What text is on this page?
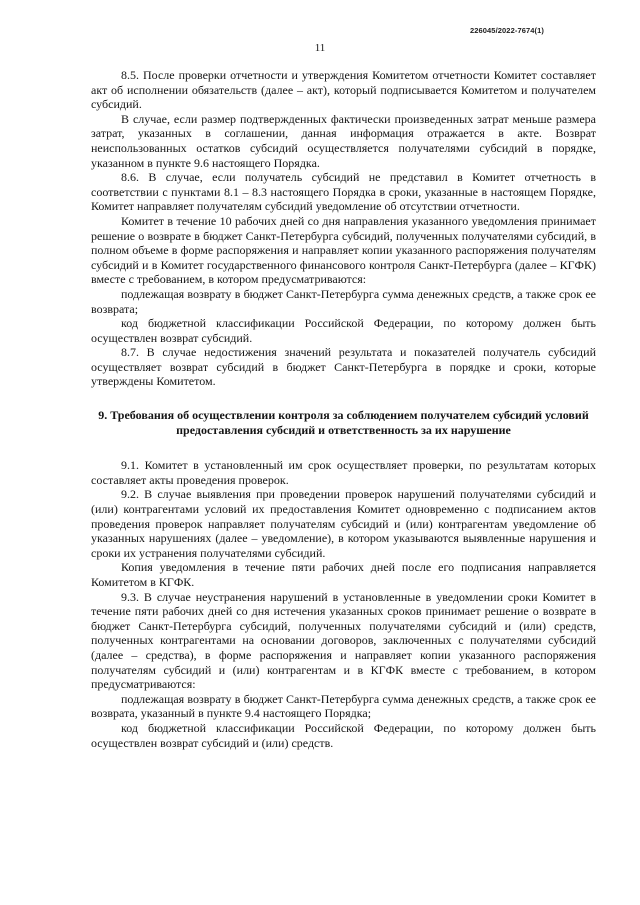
226045/2022-7674(1)
11

8.5. После проверки отчетности и утверждения Комитетом отчетности Комитет составляет акт об исполнении обязательств (далее – акт), который подписывается Комитетом и получателем субсидий.

В случае, если размер подтвержденных фактически произведенных затрат меньше размера затрат, указанных в соглашении, данная информация отражается в акте. Возврат неиспользованных остатков субсидий осуществляется получателями субсидий в порядке, указанном в пункте 9.6 настоящего Порядка.

8.6. В случае, если получатель субсидий не представил в Комитет отчетность в соответствии с пунктами 8.1 – 8.3 настоящего Порядка в сроки, указанные в настоящем Порядке, Комитет направляет получателям субсидий уведомление об отсутствии отчетности.

Комитет в течение 10 рабочих дней со дня направления указанного уведомления принимает решение о возврате в бюджет Санкт-Петербурга субсидий, полученных получателями субсидий, в полном объеме в форме распоряжения и направляет копии указанного распоряжения получателям субсидий и в Комитет государственного финансового контроля Санкт-Петербурга (далее – КГФК) вместе с требованием, в котором предусматриваются:

подлежащая возврату в бюджет Санкт-Петербурга сумма денежных средств, а также срок ее возврата;

код бюджетной классификации Российской Федерации, по которому должен быть осуществлен возврат субсидий.

8.7. В случае недостижения значений результата и показателей получатель субсидий осуществляет возврат субсидий в бюджет Санкт-Петербурга в порядке и сроки, которые утверждены Комитетом.

9. Требования об осуществлении контроля за соблюдением получателем субсидий условий предоставления субсидий и ответственность за их нарушение

9.1. Комитет в установленный им срок осуществляет проверки, по результатам которых составляет акты проведения проверок.

9.2. В случае выявления при проведении проверок нарушений получателями субсидий и (или) контрагентами условий их предоставления Комитет одновременно с подписанием актов проведения проверок направляет получателям субсидий и (или) контрагентам уведомление об указанных нарушениях (далее – уведомление), в котором указываются выявленные нарушения и сроки их устранения получателями субсидий.

Копия уведомления в течение пяти рабочих дней после его подписания направляется Комитетом в КГФК.

9.3. В случае неустранения нарушений в установленные в уведомлении сроки Комитет в течение пяти рабочих дней со дня истечения указанных сроков принимает решение о возврате в бюджет Санкт-Петербурга субсидий, полученных получателями субсидий и (или) средств, полученных контрагентами на основании договоров, заключенных с получателями субсидий (далее – средства), в форме распоряжения и направляет копии указанного распоряжения получателям субсидий и (или) контрагентам и в КГФК вместе с требованием, в котором предусматриваются:

подлежащая возврату в бюджет Санкт-Петербурга сумма денежных средств, а также срок ее возврата, указанный в пункте 9.4 настоящего Порядка;

код бюджетной классификации Российской Федерации, по которому должен быть осуществлен возврат субсидий и (или) средств.
